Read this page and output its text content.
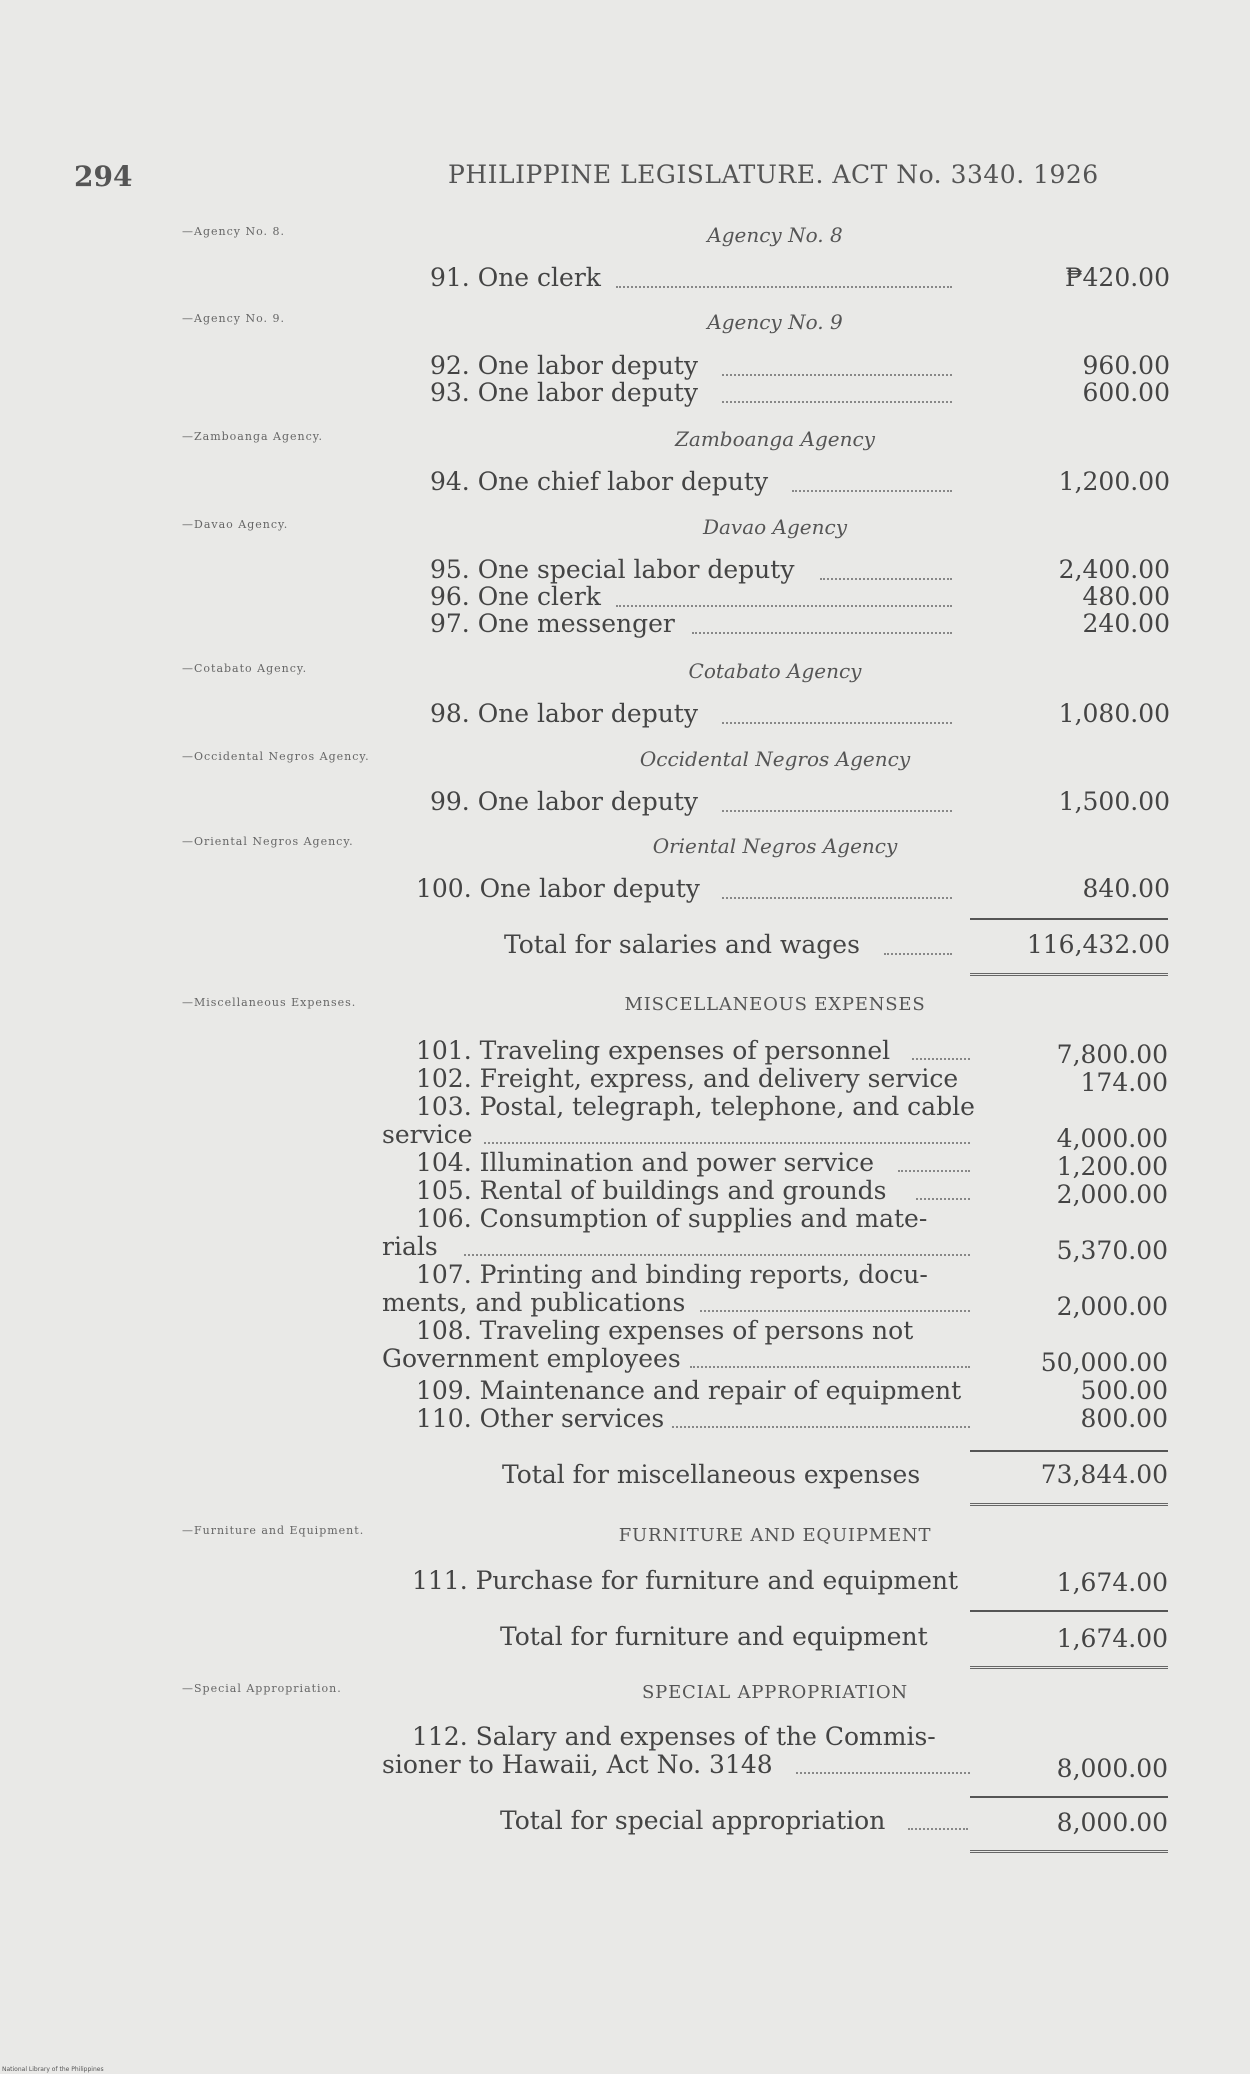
294	PHILIPPINE LEGISLATURE. ACT No. 3340. 1926
—Agency No. 8.
—Agency No. 9.
—Zamboanga Agency.
—Davao Agency.
—Cotabato Agency.
—Occidental Negros Agency.
—Oriental Negros Agency.
—Miscellaneous Expenses.
—Furniture and Equipment.
—Special Appropriation.
Agency No. 8
91. One clerk	₱420.00
Agency No. 9
92. One labor deputy	960.00
93. One labor deputy	600.00
Zamboanga Agency
94. One chief labor deputy	1,200.00
Davao Agency
95. One special labor deputy	2,400.00
96. One clerk	480.00
97. One messenger	240.00
Cotabato Agency
98. One labor deputy	1,080.00
Occidental Negros Agency
99. One labor deputy	1,500.00
Oriental Negros Agency
100. One labor deputy	840.00
Total for salaries and wages	116,432.00
MISCELLANEOUS EXPENSES
101. Traveling expenses of personnel	7,800.00
102. Freight, express, and delivery service	174.00
103. Postal, telegraph, telephone, and cable
service	4,000.00
104. Illumination and power service	1,200.00
105. Rental of buildings and grounds	2,000.00
106. Consumption of supplies and mate-
rials	5,370.00
107. Printing and binding reports, docu-
ments, and publications	2,000.00
108. Traveling expenses of persons not
Government employees	50,000.00
109. Maintenance and repair of equipment	500.00
110. Other services	800.00
Total for miscellaneous expenses	73,844.00
FURNITURE AND EQUIPMENT
111. Purchase for furniture and equipment	1,674.00
Total for furniture and equipment	1,674.00
SPECIAL APPROPRIATION
112. Salary and expenses of the Commis-
sioner to Hawaii, Act No. 3148	8,000.00
Total for special appropriation	8,000.00
National Library of the Philippines
